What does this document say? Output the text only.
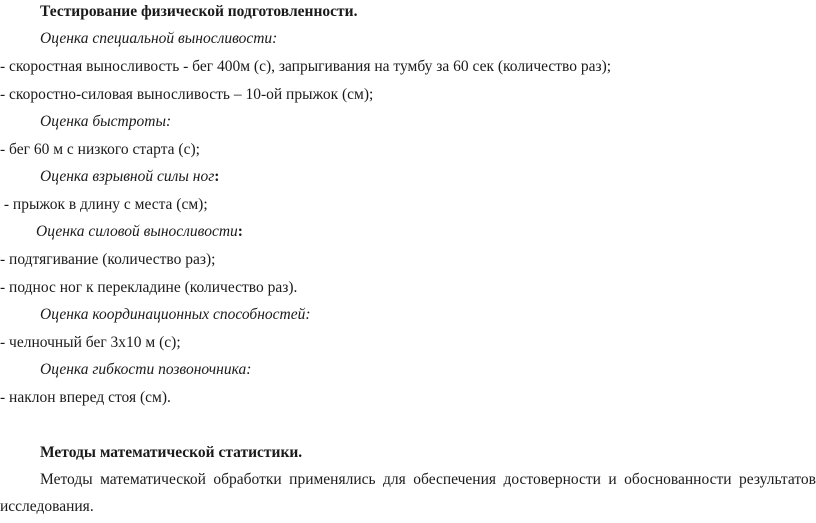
Тестирование физической подготовленности.
Оценка специальной выносливости:
- скоростная выносливость - бег 400м (с), запрыгивания на тумбу за 60 сек (количество раз);
- скоростно-силовая выносливость – 10-ой прыжок (см);
Оценка быстроты:
- бег 60 м с низкого старта (с);
Оценка взрывной силы ног:
- прыжок в длину с места (см);
Оценка силовой выносливости:
- подтягивание (количество раз);
- поднос ног к перекладине (количество раз).
Оценка координационных способностей:
- челночный бег 3х10 м (с);
Оценка гибкости позвоночника:
- наклон вперед стоя (см).
Методы математической статистики.
Методы математической обработки применялись для обеспечения достоверности и обоснованности результатов
исследования.
